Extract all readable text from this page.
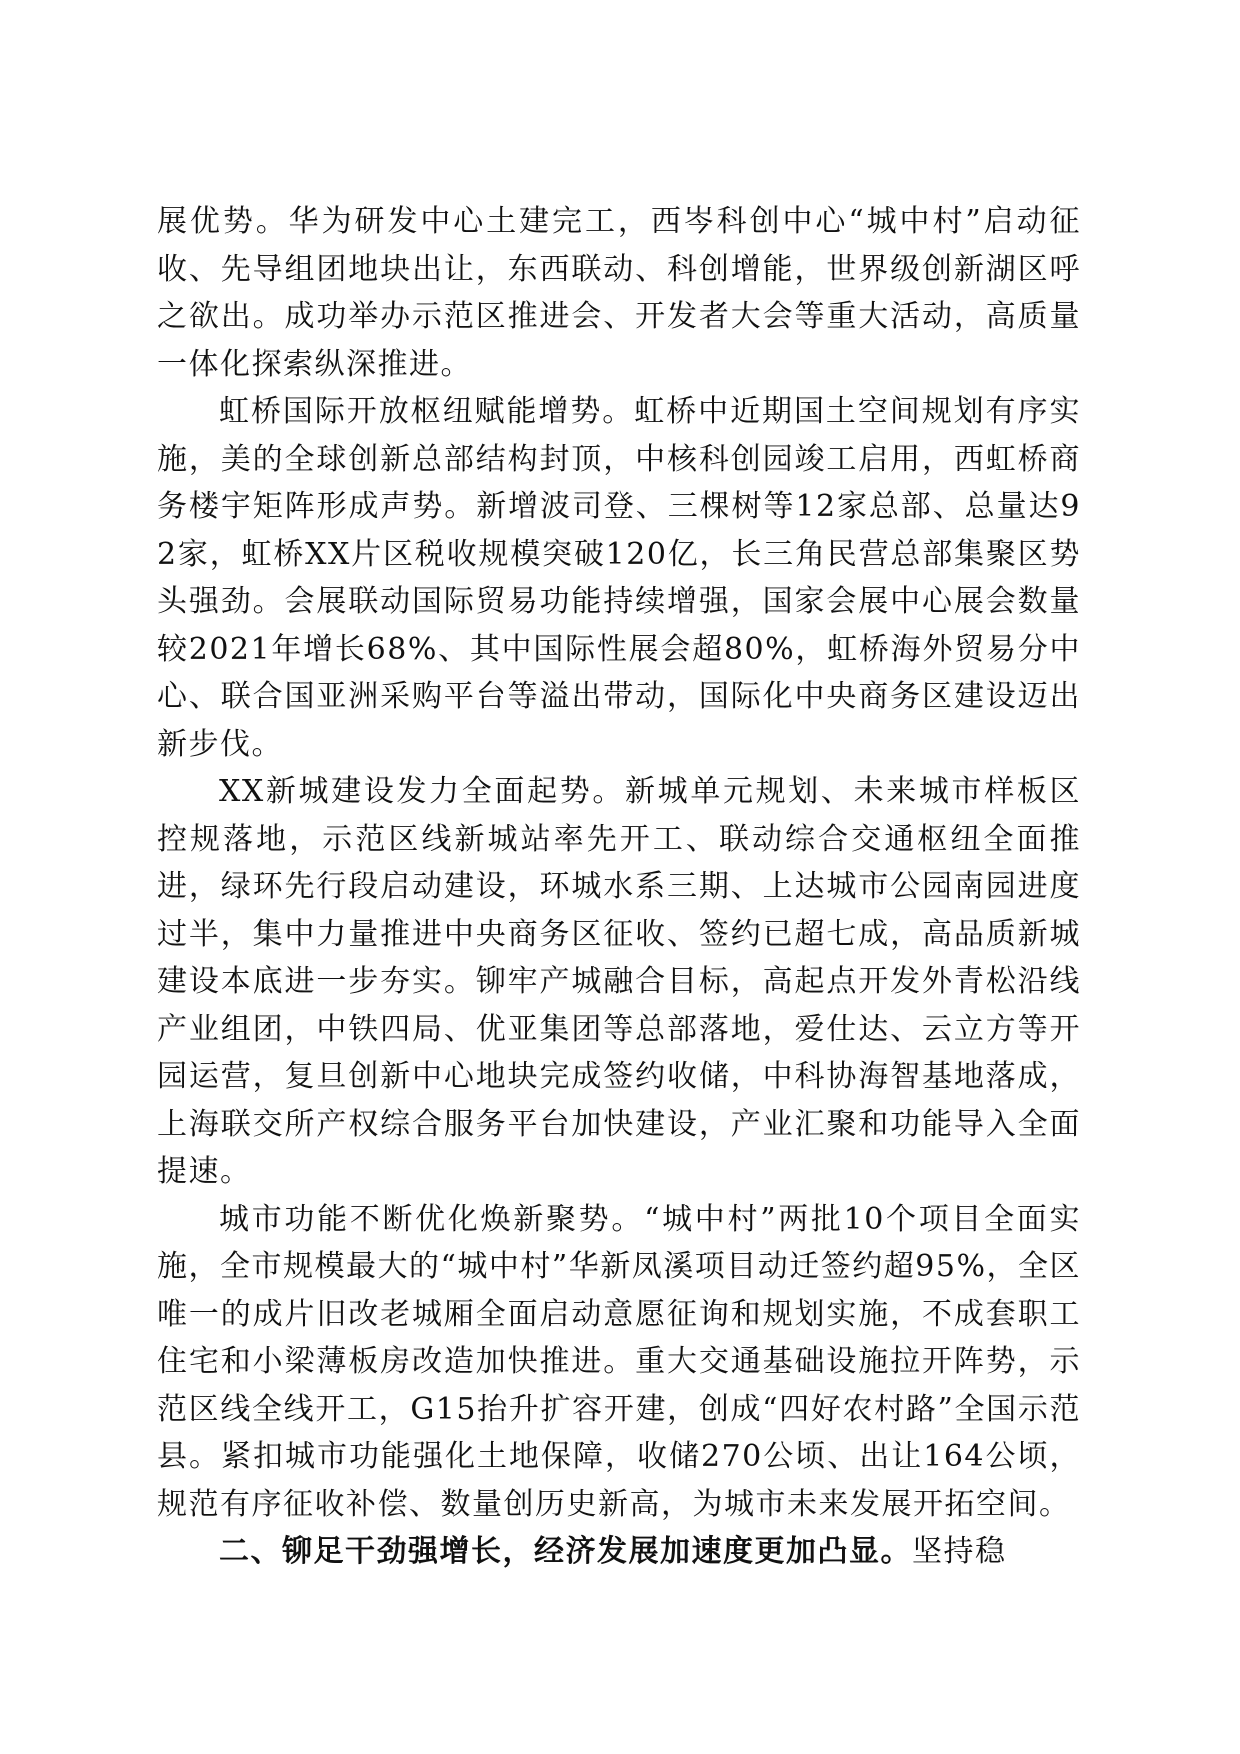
展优势。华为研发中心土建完工，西岑科创中心“城中村”启动征收、先导组团地块出让，东西联动、科创增能，世界级创新湖区呼之欲出。成功举办示范区推进会、开发者大会等重大活动，高质量一体化探索纵深推进。

虹桥国际开放枢纽赋能增势。虹桥中近期国土空间规划有序实施，美的全球创新总部结构封顶，中核科创园竣工启用，西虹桥商务楼宇矩阵形成声势。新增波司登、三棵树等12家总部、总量达92家，虹桥XX片区税收规模突破120亿，长三角民营总部集聚区势头强劲。会展联动国际贸易功能持续增强，国家会展中心展会数量较2021年增长68%、其中国际性展会超80%，虹桥海外贸易分中心、联合国亚洲采购平台等溢出带动，国际化中央商务区建设迈出新步伐。

XX新城建设发力全面起势。新城单元规划、未来城市样板区控规落地，示范区线新城站率先开工、联动综合交通枢纽全面推进，绿环先行段启动建设，环城水系三期、上达城市公园南园进度过半，集中力量推进中央商务区征收、签约已超七成，高品质新城建设本底进一步夯实。铆牢产城融合目标，高起点开发外青松沿线产业组团，中铁四局、优亚集团等总部落地，爱仕达、云立方等开园运营，复旦创新中心地块完成签约收储，中科协海智基地落成，上海联交所产权综合服务平台加快建设，产业汇聚和功能导入全面提速。

城市功能不断优化焕新聚势。“城中村”两批10个项目全面实施，全市规模最大的“城中村”华新凤溪项目动迁签约超95%，全区唯一的成片旧改老城厢全面启动意愿征询和规划实施，不成套职工住宅和小梁薄板房改造加快推进。重大交通基础设施拉开阵势，示范区线全线开工，G15抬升扩容开建，创成“四好农村路”全国示范县。紧扣城市功能强化土地保障，收储270公顷、出让164公顷，规范有序征收补偿、数量创历史新高，为城市未来发展开拓空间。

二、铆足干劲强增长，经济发展加速度更加凸显。坚持稳
